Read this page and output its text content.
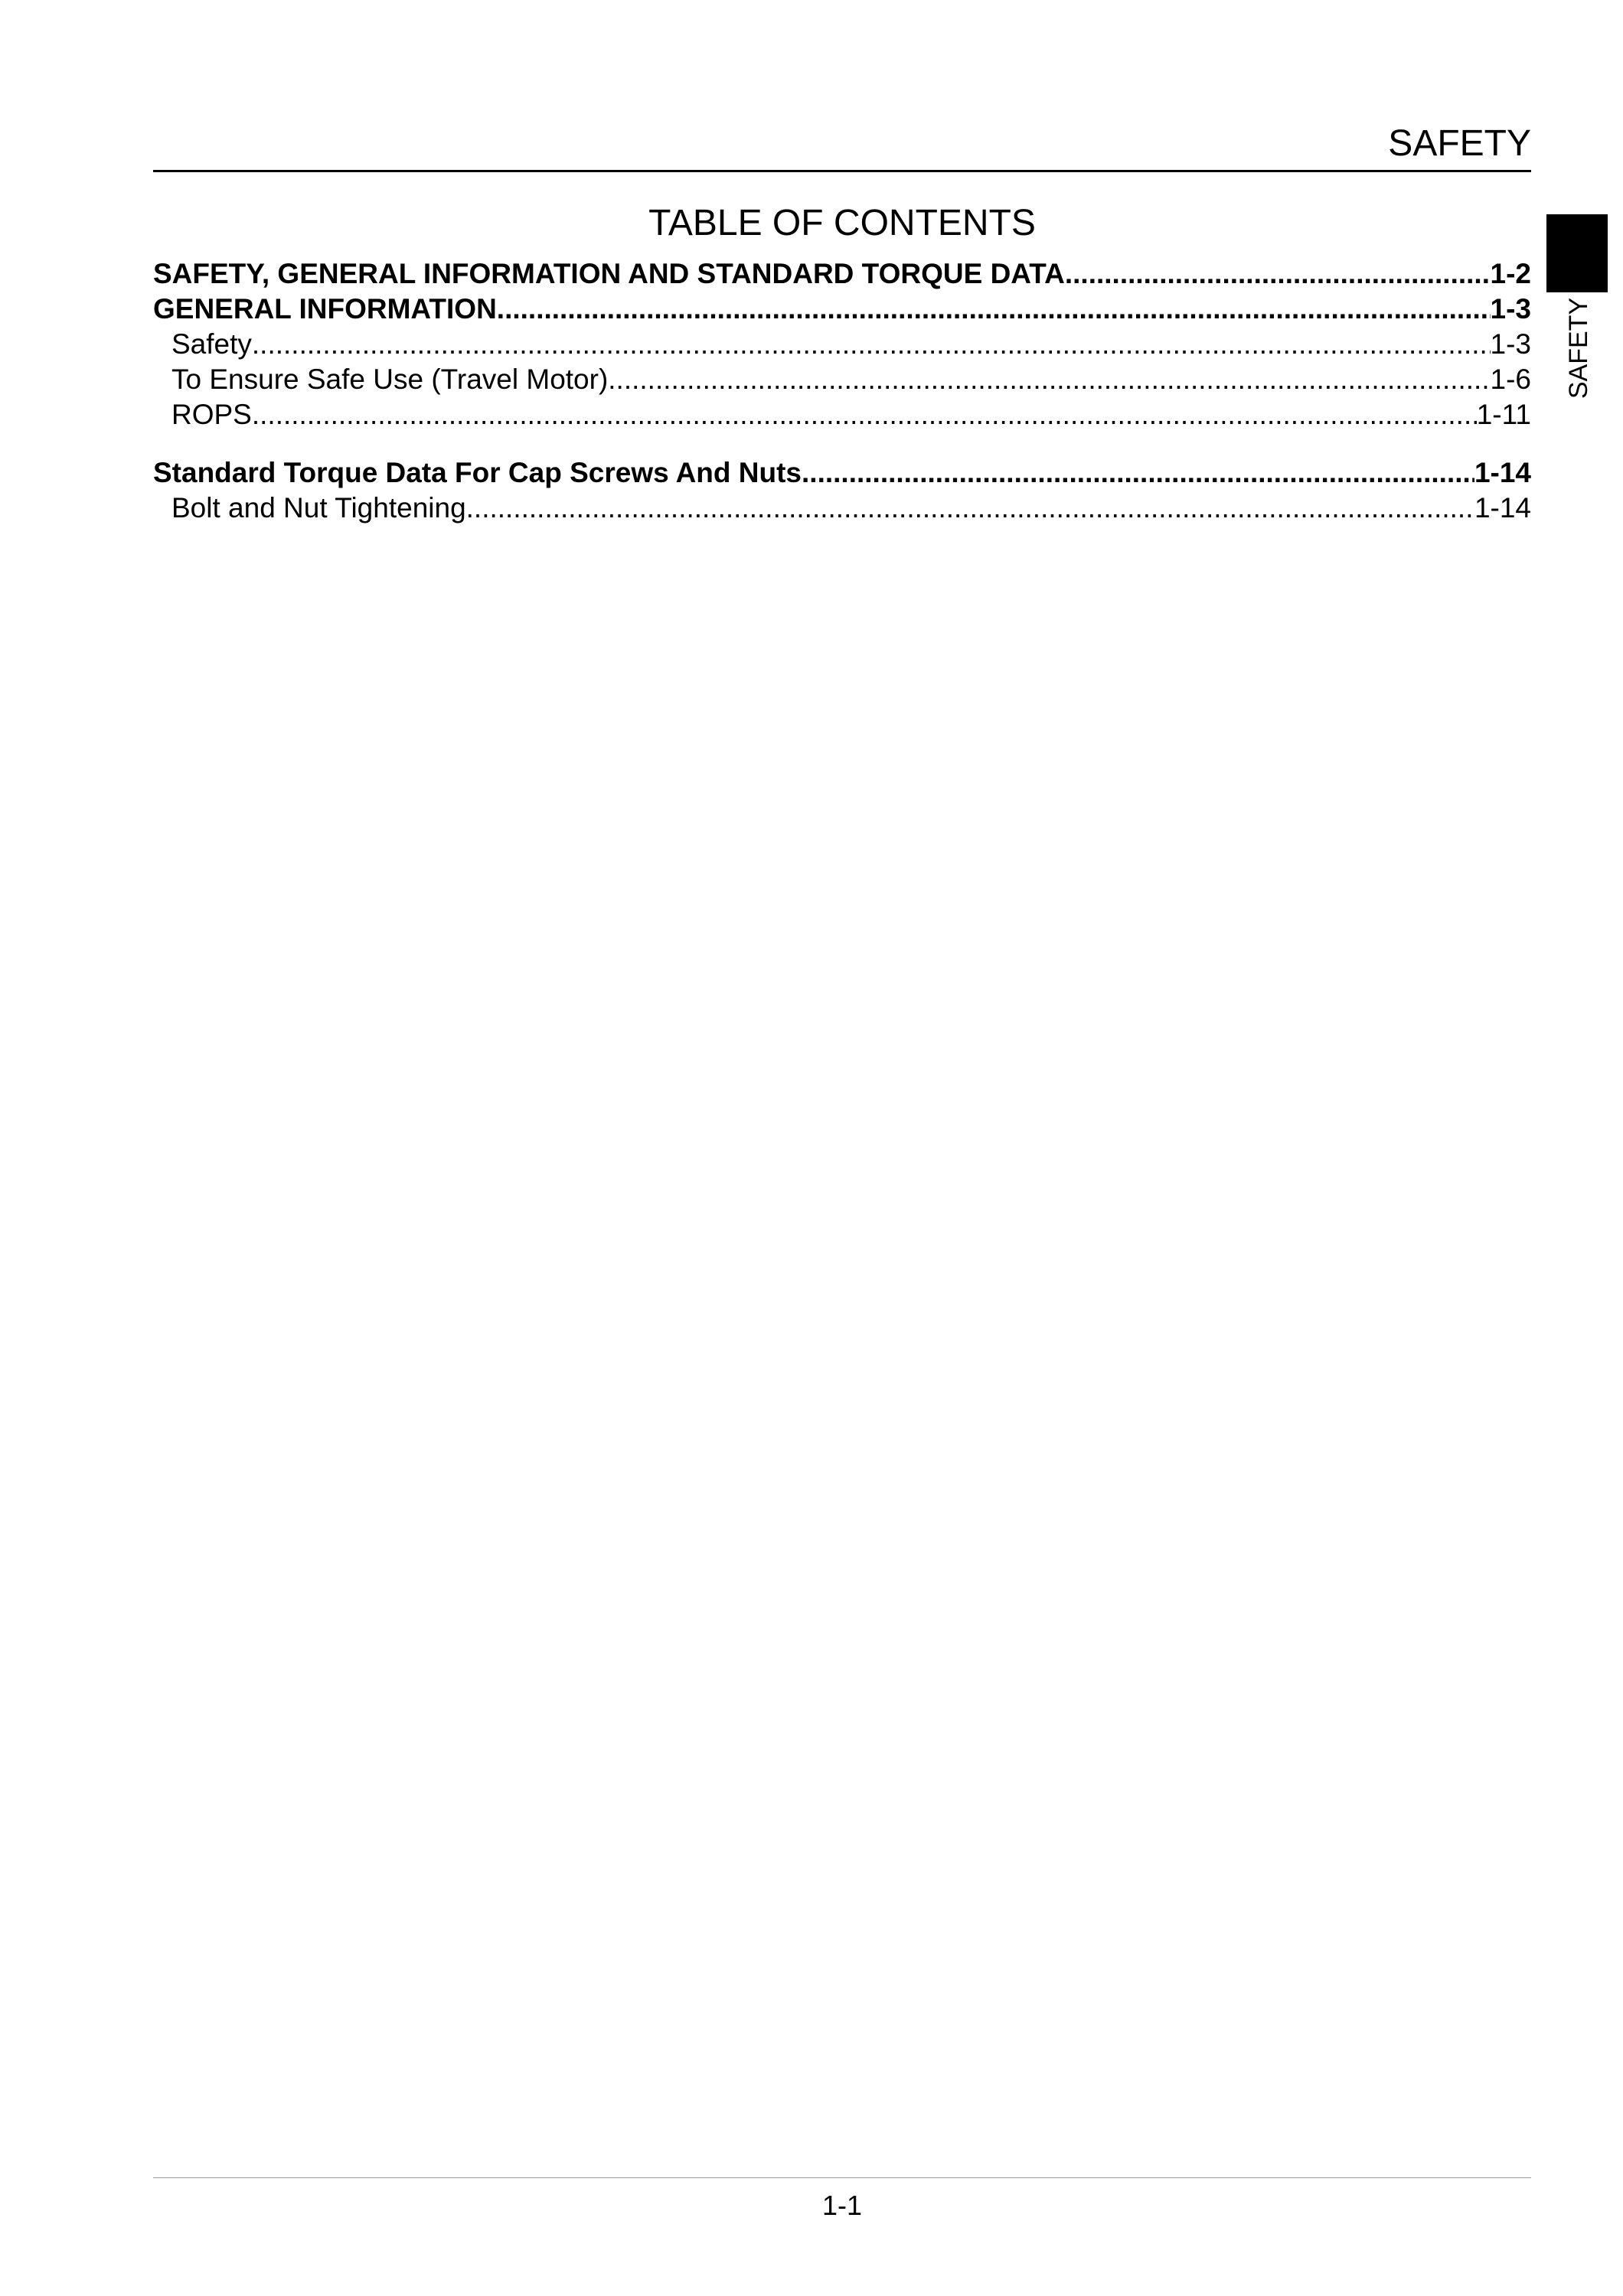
SAFETY
SAFETY
TABLE OF CONTENTS
SAFETY, GENERAL INFORMATION AND STANDARD TORQUE DATA .....	1-2
GENERAL INFORMATION .....	1-3
Safety .....	1-3
To Ensure Safe Use (Travel Motor) .....	1-6
ROPS .....	1-11
Standard Torque Data For Cap Screws And Nuts .....	1-14
Bolt and Nut Tightening .....	1-14
1-1
